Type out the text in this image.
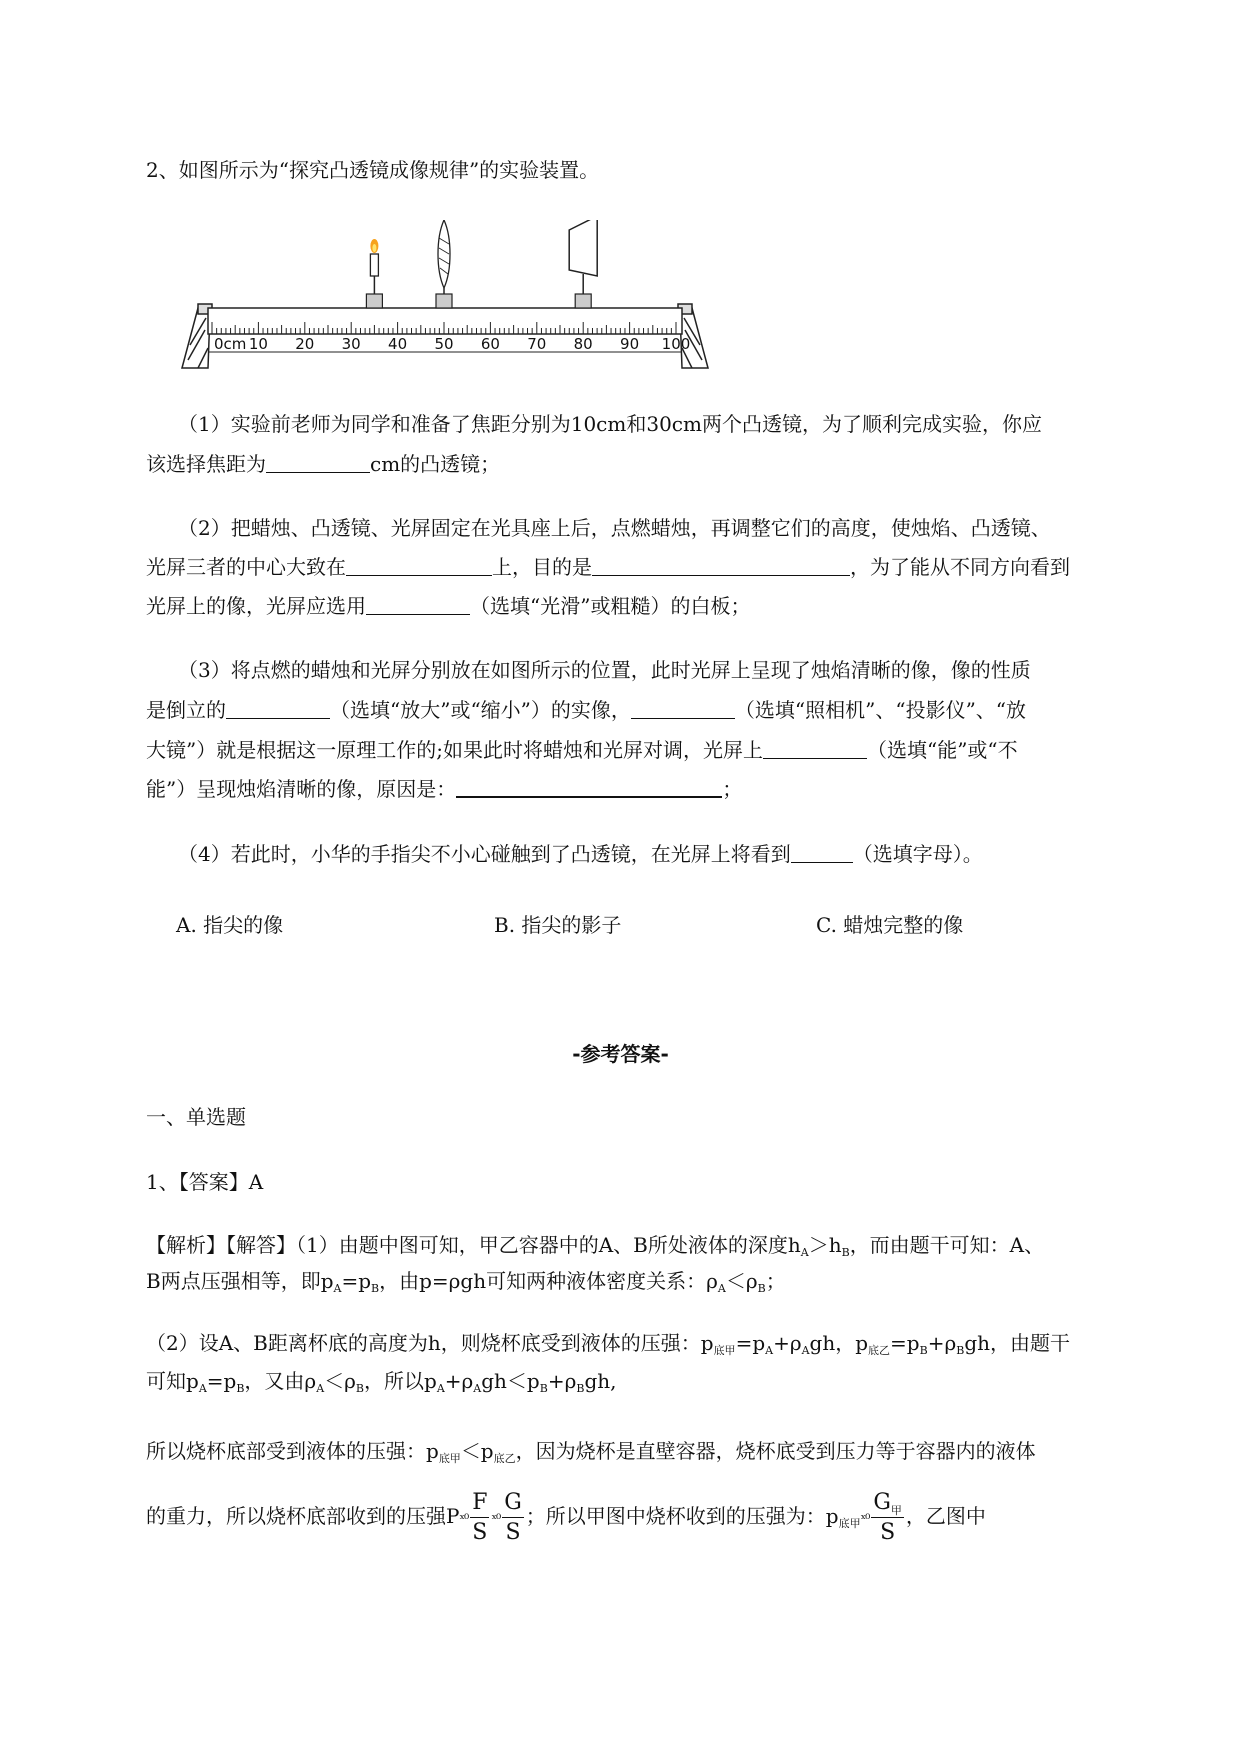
2、如图所示为“探究凸透镜成像规律”的实验装置。
0cm 10 20 30 40 50 60 70 80 90 100
（1）实验前老师为同学和准备了焦距分别为10cm和30cm两个凸透镜，为了顺利完成实验，你应
该选择焦距为	cm的凸透镜；
（2）把蜡烛、凸透镜、光屏固定在光具座上后，点燃蜡烛，再调整它们的高度，使烛焰、凸透镜、
光屏三者的中心大致在	上，目的是	，为了能从不同方向看到
光屏上的像，光屏应选用	（选填“光滑”或粗糙）的白板；
（3）将点燃的蜡烛和光屏分别放在如图所示的位置，此时光屏上呈现了烛焰清晰的像，像的性质
是倒立的	（选填“放大”或“缩小”）的实像，	（选填“照相机”、“投影仪”、“放
大镜”）就是根据这一原理工作的;如果此时将蜡烛和光屏对调，光屏上	（选填“能”或“不
能”）呈现烛焰清晰的像，原因是：	；
（4）若此时，小华的手指尖不小心碰触到了凸透镜，在光屏上将看到	（选填字母）。
A. 指尖的像	B. 指尖的影子	C. 蜡烛完整的像
-参考答案-
一、单选题
1、【答案】A
【解析】【解答】（1）由题中图可知，甲乙容器中的A、B所处液体的深度$h_A>h_B$，而由题干可知：A、
B两点压强相等，即$p_A=p_B$，由p=ρgh可知两种液体密度关系：$\rho_A<\rho_B$；
（2）设A、B距离杯底的高度为h，则烧杯底受到液体的压强：$p_{底甲}=p_A+\rho_Agh$，$p_{底乙}=p_B+\rho_Bgh$，由题干
可知$p_A=p_B$，又由$\rho_A<\rho_B$，所以$p_A+\rho_Agh<p_B+\rho_Bgh$,
所以烧杯底部受到液体的压强：$p_{底甲}<p_{底乙}$，因为烧杯是直壁容器，烧杯底受到压力等于容器内的液体
的重力，所以烧杯底部收到的压强$P^{_{x0}} \frac{F}{S} ^{_{x0}} \frac{G}{S}$ ；所以甲图中烧杯收到的压强为：$p_{底甲}^{_{x0}} \frac{G_甲}{S}$ ，乙图中
